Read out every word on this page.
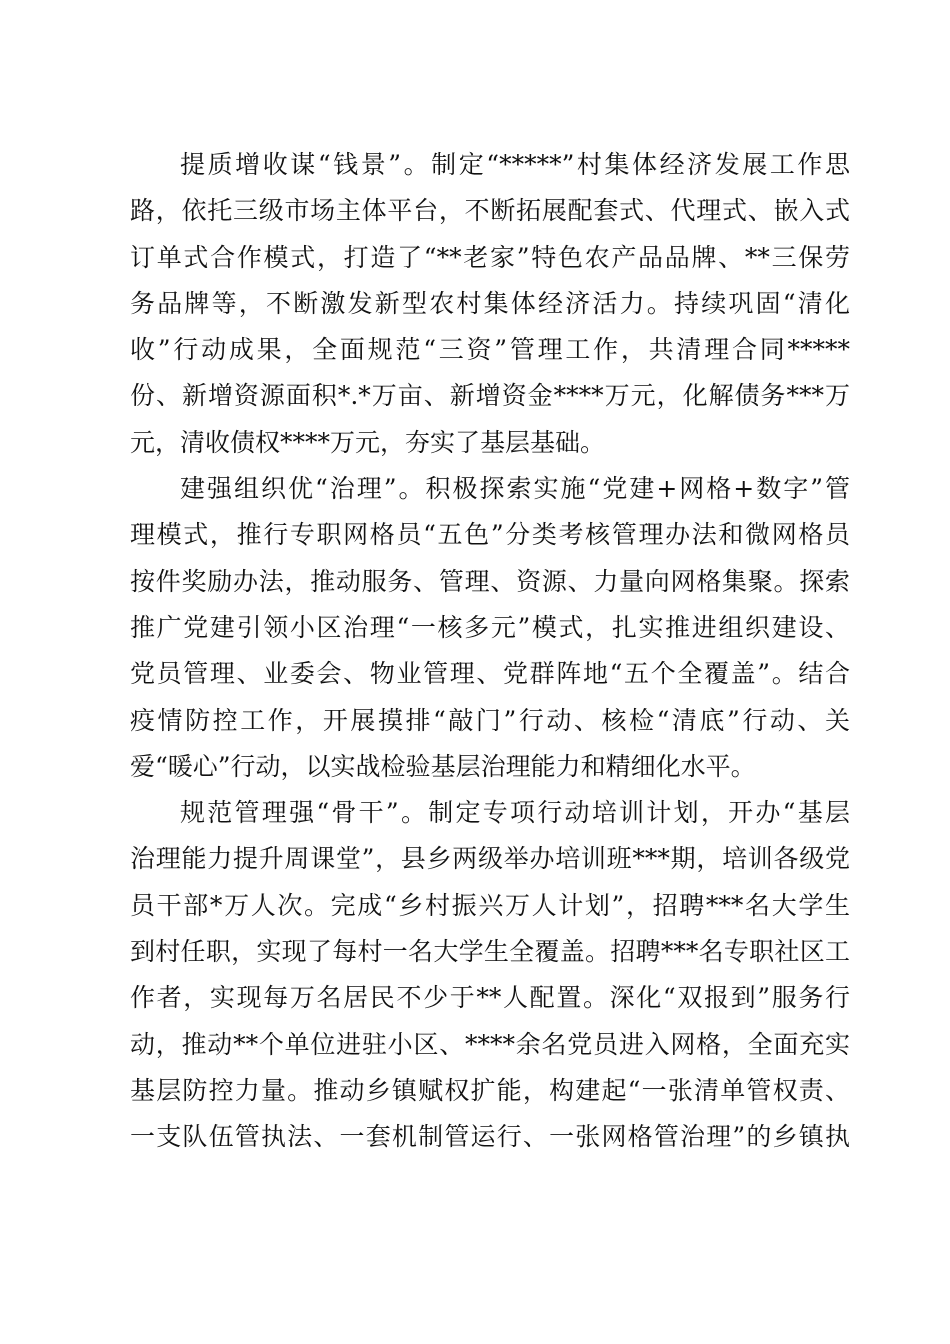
提质增收谋“钱景”。制定“*****”村集体经济发展工作思
路，依托三级市场主体平台，不断拓展配套式、代理式、嵌入式
订单式合作模式，打造了“**老家”特色农产品品牌、**三保劳
务品牌等，不断激发新型农村集体经济活力。持续巩固“清化
收”行动成果，全面规范“三资”管理工作，共清理合同*****
份、新增资源面积*.*万亩、新增资金****万元，化解债务***万
元，清收债权****万元，夯实了基层基础。
建强组织优“治理”。积极探索实施“党建+网格+数字”管
理模式，推行专职网格员“五色”分类考核管理办法和微网格员
按件奖励办法，推动服务、管理、资源、力量向网格集聚。探索
推广党建引领小区治理“一核多元”模式，扎实推进组织建设、
党员管理、业委会、物业管理、党群阵地“五个全覆盖”。结合
疫情防控工作，开展摸排“敲门”行动、核检“清底”行动、关
爱“暖心”行动，以实战检验基层治理能力和精细化水平。
规范管理强“骨干”。制定专项行动培训计划，开办“基层
治理能力提升周课堂”，县乡两级举办培训班***期，培训各级党
员干部*万人次。完成“乡村振兴万人计划”，招聘***名大学生
到村任职，实现了每村一名大学生全覆盖。招聘***名专职社区工
作者，实现每万名居民不少于**人配置。深化“双报到”服务行
动，推动**个单位进驻小区、****余名党员进入网格，全面充实
基层防控力量。推动乡镇赋权扩能，构建起“一张清单管权责、
一支队伍管执法、一套机制管运行、一张网格管治理”的乡镇执
